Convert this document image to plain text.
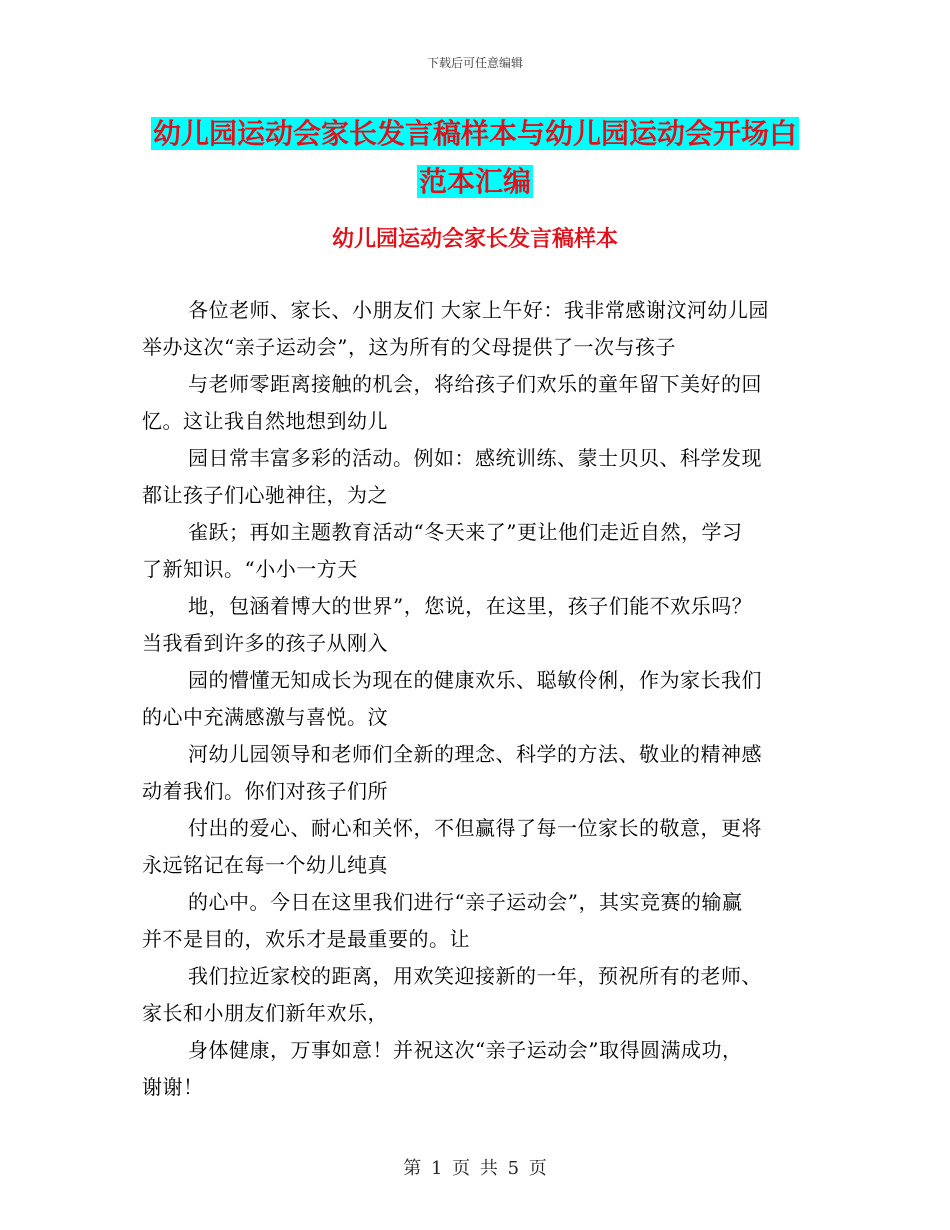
下载后可任意编辑
幼儿园运动会家长发言稿样本与幼儿园运动会开场白
范本汇编
幼儿园运动会家长发言稿样本

各位老师、家长、小朋友们 大家上午好：我非常感谢汶河幼儿园
举办这次“亲子运动会”，这为所有的父母提供了一次与孩子

与老师零距离接触的机会，将给孩子们欢乐的童年留下美好的回
忆。这让我自然地想到幼儿

园日常丰富多彩的活动。例如：感统训练、蒙士贝贝、科学发现
都让孩子们心驰神往，为之

雀跃；再如主题教育活动“冬天来了”更让他们走近自然，学习
了新知识。“小小一方天

地，包涵着博大的世界”，您说，在这里，孩子们能不欢乐吗？
当我看到许多的孩子从刚入

园的懵懂无知成长为现在的健康欢乐、聪敏伶俐，作为家长我们
的心中充满感激与喜悦。汶

河幼儿园领导和老师们全新的理念、科学的方法、敬业的精神感
动着我们。你们对孩子们所

付出的爱心、耐心和关怀，不但赢得了每一位家长的敬意，更将
永远铭记在每一个幼儿纯真

的心中。今日在这里我们进行“亲子运动会”，其实竞赛的输赢
并不是目的，欢乐才是最重要的。让

我们拉近家校的距离，用欢笑迎接新的一年，预祝所有的老师、
家长和小朋友们新年欢乐，

身体健康，万事如意！并祝这次“亲子运动会”取得圆满成功，
谢谢！

第 1 页 共 5 页
